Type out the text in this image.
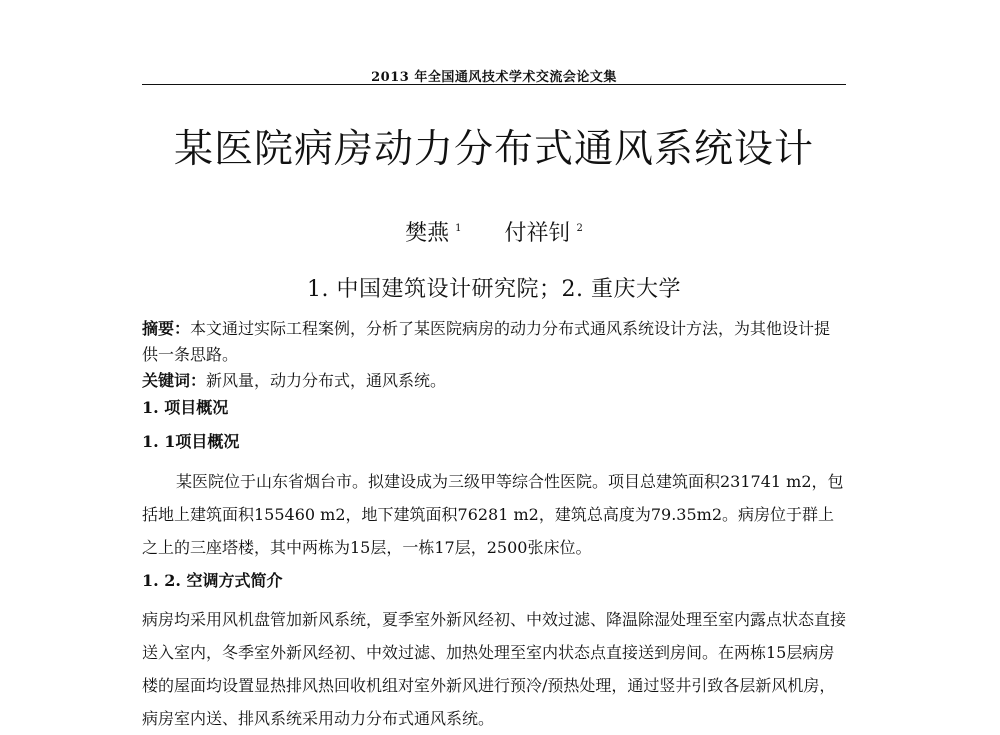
2013 年全国通风技术学术交流会论文集
某医院病房动力分布式通风系统设计
樊燕 $^1$ 付祥钊 $^2$
1. 中国建筑设计研究院；2. 重庆大学
摘要：本文通过实际工程案例，分析了某医院病房的动力分布式通风系统设计方法，为其他设计提供一条思路。
关键词：新风量，动力分布式，通风系统。
1. 项目概况
1. 1项目概况
某医院位于山东省烟台市。拟建设成为三级甲等综合性医院。项目总建筑面积231741 m2，包括地上建筑面积155460 m2，地下建筑面积76281 m2，建筑总高度为79.35m2。病房位于群上之上的三座塔楼，其中两栋为15层，一栋17层，2500张床位。
1. 2. 空调方式简介
病房均采用风机盘管加新风系统，夏季室外新风经初、中效过滤、降温除湿处理至室内露点状态直接送入室内，冬季室外新风经初、中效过滤、加热处理至室内状态点直接送到房间。在两栋15层病房楼的屋面均设置显热排风热回收机组对室外新风进行预冷/预热处理，通过竖井引致各层新风机房，病房室内送、排风系统采用动力分布式通风系统。
